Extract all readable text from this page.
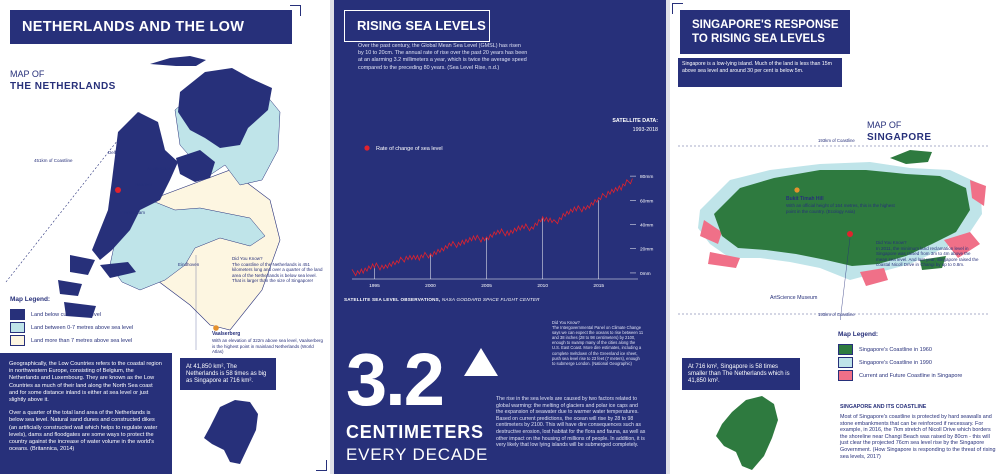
NETHERLANDS AND THE LOW COUNTRIES
MAP OF
THE NETHERLANDS
451km of Coastline
Delft
Amsterdam
Haarlem
Rotterdam
Eindhoven
Did You Know?
The coastline of the Netherlands is 451 kilometers long and over a quarter of the land area of the Netherlands is below sea level. That is larger than the size of Singapore!
Vaalserberg
With an elevation of 322m above sea level, Vaalserberg is the highest point in mainland Netherlands (World Atlas)
Map Legend:
Land below current sea level
Land between 0-7 metres above sea level
Land more than 7 metres above sea level
Geographically, the Low Countries refers to the coastal region in northwestern Europe, consisting of Belgium, the Netherlands and Luxembourg. They are known as the Low Countries as much of their land along the North Sea coast and for some distance inland is either at sea level or just slightly above it.
Over a quarter of the total land area of the Netherlands is below sea level. Natural sand dunes and constructed dikes (an artificially constructed wall which helps to regulate water levels), dams and floodgates are some ways to protect the country against the increase of water volume in the world's oceans. (Britannica, 2014)
At 41,850 km², The Netherlands is 58 times as big as Singapore at 716 km².
RISING SEA LEVELS
Over the past century, the Global Mean Sea Level (GMSL) has risen by 10 to 20cm. The annual rate of rise over the past 20 years has been at an alarming 3.2 millimeters a year, which is twice the average speed compared to the preceding 80 years. (Sea Level Rise, n.d.)
SATELLITE DATA:
1993-2018
Rate of change of sea level
0mm
20mm
40mm
60mm
80mm
1995	2000	2005	2010	2015
SATELLITE SEA LEVEL OBSERVATIONS, NASA GODDARD SPACE FLIGHT CENTER
Did You Know?
The Intergovernmental Panel on Climate Change says we can expect the oceans to rise between 11 and 38 inches (28 to 98 centimeters) by 2100, enough to swamp many of the cities along the U.S. East Coast. More dire estimates, including a complete meltdown of the Greenland ice sheet, push sea level rise to 23 feet (7 meters), enough to submerge London. (National Geographic)
3.2
CENTIMETERS
EVERY DECADE
The rise in the sea levels are caused by two factors related to global warming: the melting of glaciers and polar ice caps and the expansion of seawater due to warmer water temperatures. Based on current predictions, the ocean will rise by 28 to 98 centimeters by 2100. This will have dire consequences such as destructive erosion, lost habitat for the flora and fauna, as well as other impact on the housing of millions of people. In addition, it is very likely that low lying islands will be submerged completely.
SINGAPORE'S RESPONSE
TO RISING SEA LEVELS
Singapore is a low-lying island. Much of the land is less than 15m above sea level and around 30 per cent is below 5m.
MAP OF
SINGAPORE
193km of Coastline
Bukit Timah Hill
With an official height of 164 metres, this is the highest point in the country. (Ecology Asia)
Did You Know?
In 2011, the minimum land reclamation level in Singapore was raised from 3m to 4m above the mean sea level. And last year, Singapore raised the coastal Nicoll Drive in Changi by up to 0.8m.
ArtScience Museum
193km of Coastline
Map Legend:
Singapore's Coastline in 1960
Singapore's Coastline in 1990
Current and Future Coastline in Singapore
At 716 km², Singapore is 58 times smaller than The Netherlands which is 41,850 km².
SINGAPORE AND ITS COASTLINE
Most of Singapore's coastline is protected by hard seawalls and stone embankments that can be reinforced if necessary. For example, in 2016, the 7km stretch of Nicoll Drive which borders the shoreline near Changi Beach was raised by 80cm - this will just clear the projected 76cm sea level rise by the Singapore Government. (How Singapore is responding to the threat of rising sea levels, 2017)
